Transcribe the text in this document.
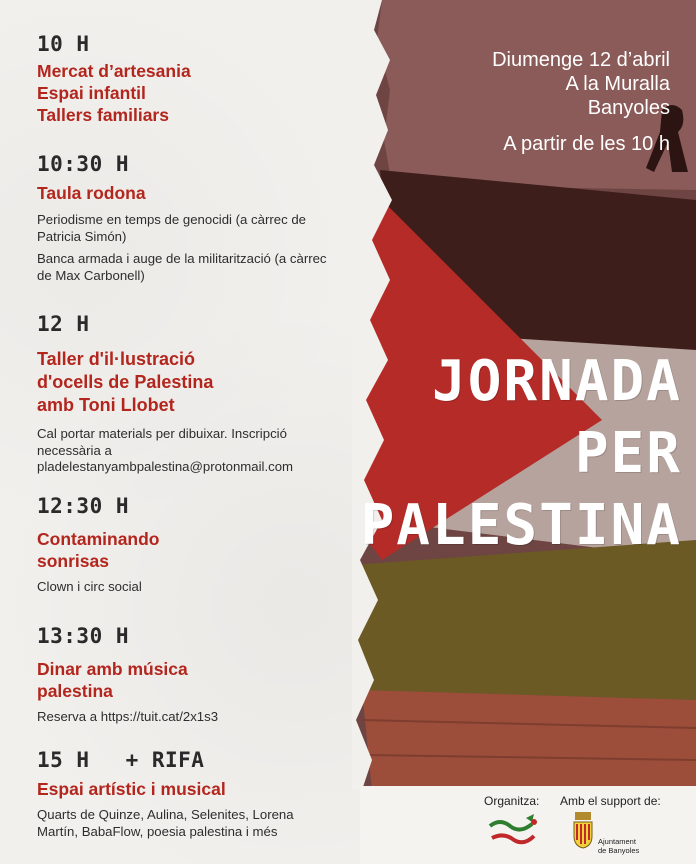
Diumenge 12 d’abril
A la Muralla
Banyoles
A partir de les 10 h
JORNADA
PER
PALESTINA
10 H
Mercat d’artesania
Espai infantil
Tallers familiars
10:30 H
Taula rodona
Periodisme en temps de genocidi (a càrrec de Patricia Simón)
Banca armada i auge de la militarització (a càrrec de Max Carbonell)
12 H
Taller d'il·lustració
d'ocells de Palestina
amb Toni Llobet
Cal portar materials per dibuixar. Inscripció necessària a pladelestanyambpalestina@protonmail.com
12:30 H
Contaminando
sonrisas
Clown i circ social
13:30 H
Dinar amb música
palestina
Reserva a https://tuit.cat/2x1s3
15 H + RIFA
Espai artístic i musical
Quarts de Quinze, Aulina, Selenites, Lorena Martín, BabaFlow, poesia palestina i més
Organitza: Amb el support de:
Ajuntament
de Banyoles
